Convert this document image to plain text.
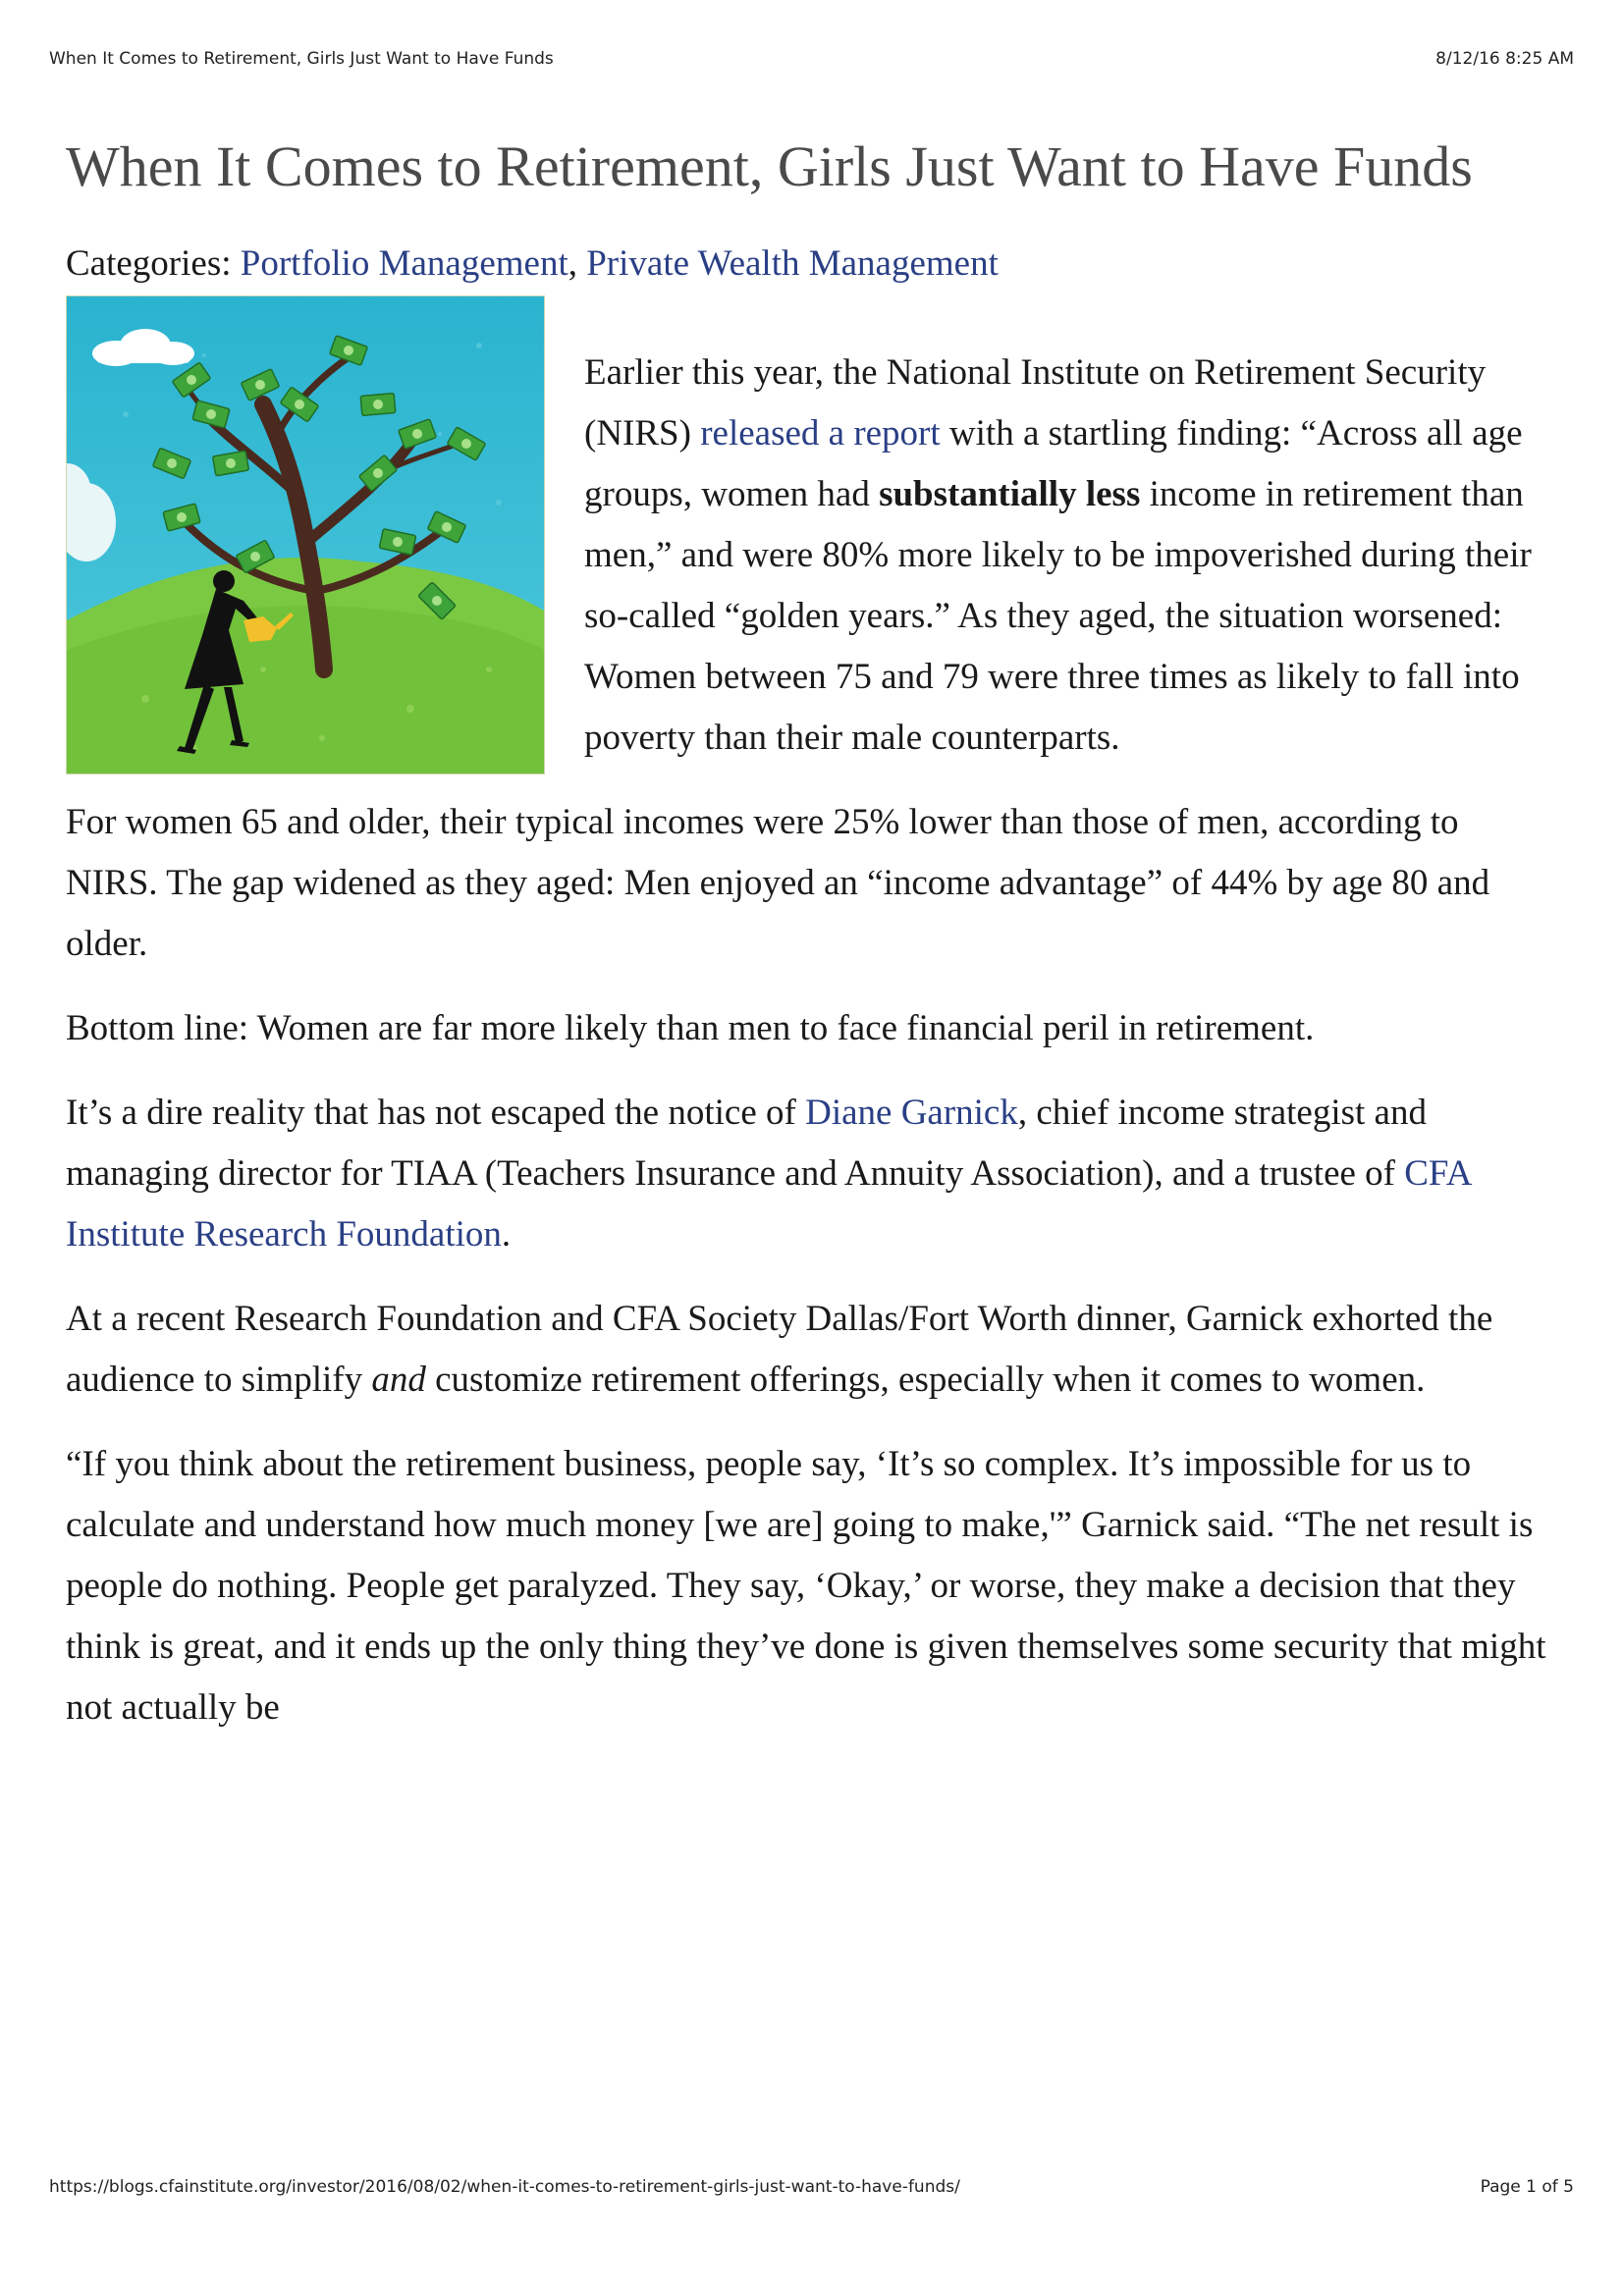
When It Comes to Retirement, Girls Just Want to Have Funds	8/12/16 8:25 AM
When It Comes to Retirement, Girls Just Want to Have Funds
Categories: Portfolio Management, Private Wealth Management

Earlier this year, the National Institute on Retirement Security (NIRS) released a report with a startling finding: “Across all age groups, women had substantially less income in retirement than men,” and were 80% more likely to be impoverished during their so-called “golden years.” As they aged, the situation worsened: Women between 75 and 79 were three times as likely to fall into poverty than their male counterparts.

For women 65 and older, their typical incomes were 25% lower than those of men, according to NIRS. The gap widened as they aged: Men enjoyed an “income advantage” of 44% by age 80 and older.

Bottom line: Women are far more likely than men to face financial peril in retirement.

It’s a dire reality that has not escaped the notice of Diane Garnick, chief income strategist and managing director for TIAA (Teachers Insurance and Annuity Association), and a trustee of CFA Institute Research Foundation.

At a recent Research Foundation and CFA Society Dallas/Fort Worth dinner, Garnick exhorted the audience to simplify and customize retirement offerings, especially when it comes to women.

“If you think about the retirement business, people say, ‘It’s so complex. It’s impossible for us to calculate and understand how much money [we are] going to make,'” Garnick said. “The net result is people do nothing. People get paralyzed. They say, ‘Okay,’ or worse, they make a decision that they think is great, and it ends up the only thing they’ve done is given themselves some security that might not actually be

https://blogs.cfainstitute.org/investor/2016/08/02/when-it-comes-to-retirement-girls-just-want-to-have-funds/	Page 1 of 5
